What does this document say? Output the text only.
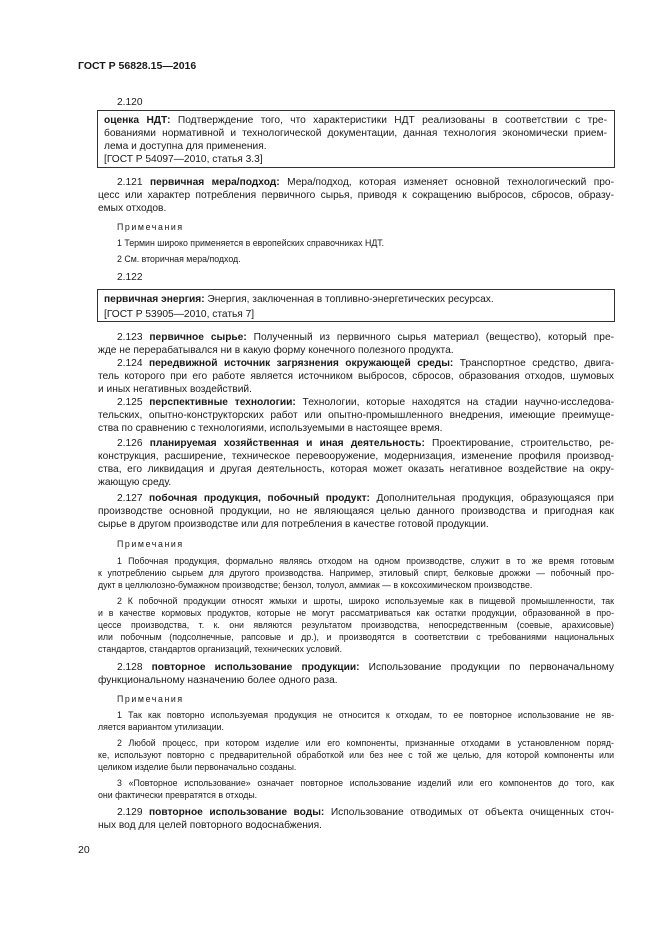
ГОСТ Р 56828.15—2016
2.120
оценка НДТ: Подтверждение того, что характеристики НДТ реализованы в соответствии с тре-
бованиями нормативной и технологической документации, данная технология экономически прием-
лема и доступна для применения.
[ГОСТ Р 54097—2010, статья 3.3]
2.121 первичная мера/подход: Мера/подход, которая изменяет основной технологический про-
цесс или характер потребления первичного сырья, приводя к сокращению выбросов, сбросов, образу-
емых отходов.
Примечания
1 Термин широко применяется в европейских справочниках НДТ.
2 См. вторичная мера/подход.
2.122
первичная энергия: Энергия, заключенная в топливно-энергетических ресурсах.
[ГОСТ Р 53905—2010, статья 7]
2.123 первичное сырье: Полученный из первичного сырья материал (вещество), который пре-
жде не перерабатывался ни в какую форму конечного полезного продукта.
2.124 передвижной источник загрязнения окружающей среды: Транспортное средство, двига-
тель которого при его работе является источником выбросов, сбросов, образования отходов, шумовых
и иных негативных воздействий.
2.125 перспективные технологии: Технологии, которые находятся на стадии научно-исследова-
тельских, опытно-конструкторских работ или опытно-промышленного внедрения, имеющие преимуще-
ства по сравнению с технологиями, используемыми в настоящее время.
2.126 планируемая хозяйственная и иная деятельность: Проектирование, строительство, ре-
конструкция, расширение, техническое перевооружение, модернизация, изменение профиля производ-
ства, его ликвидация и другая деятельность, которая может оказать негативное воздействие на окру-
жающую среду.
2.127 побочная продукция, побочный продукт: Дополнительная продукция, образующаяся при
производстве основной продукции, но не являющаяся целью данного производства и пригодная как
сырье в другом производстве или для потребления в качестве готовой продукции.
Примечания
1 Побочная продукция, формально являясь отходом на одном производстве, служит в то же время готовым
к употреблению сырьем для другого производства. Например, этиловый спирт, белковые дрожжи — побочный про-
дукт в целлюлозно-бумажном производстве; бензол, толуол, аммиак — в коксохимическом производстве.
2 К побочной продукции относят жмыхи и шроты, широко используемые как в пищевой промышленности, так
и в качестве кормовых продуктов, которые не могут рассматриваться как остатки продукции, образованной в про-
цессе производства, т. к. они являются результатом производства, непосредственным (соевые, арахисовые)
или побочным (подсолнечные, рапсовые и др.), и производятся в соответствии с требованиями национальных
стандартов, стандартов организаций, технических условий.
2.128 повторное использование продукции: Использование продукции по первоначальному
функциональному назначению более одного раза.
Примечания
1 Так как повторно используемая продукция не относится к отходам, то ее повторное использование не яв-
ляется вариантом утилизации.
2 Любой процесс, при котором изделие или его компоненты, признанные отходами в установленном поряд-
ке, используют повторно с предварительной обработкой или без нее с той же целью, для которой компоненты или
целиком изделие были первоначально созданы.
3 «Повторное использование» означает повторное использование изделий или его компонентов до того, как
они фактически превратятся в отходы.
2.129 повторное использование воды: Использование отводимых от объекта очищенных сточ-
ных вод для целей повторного водоснабжения.
20
